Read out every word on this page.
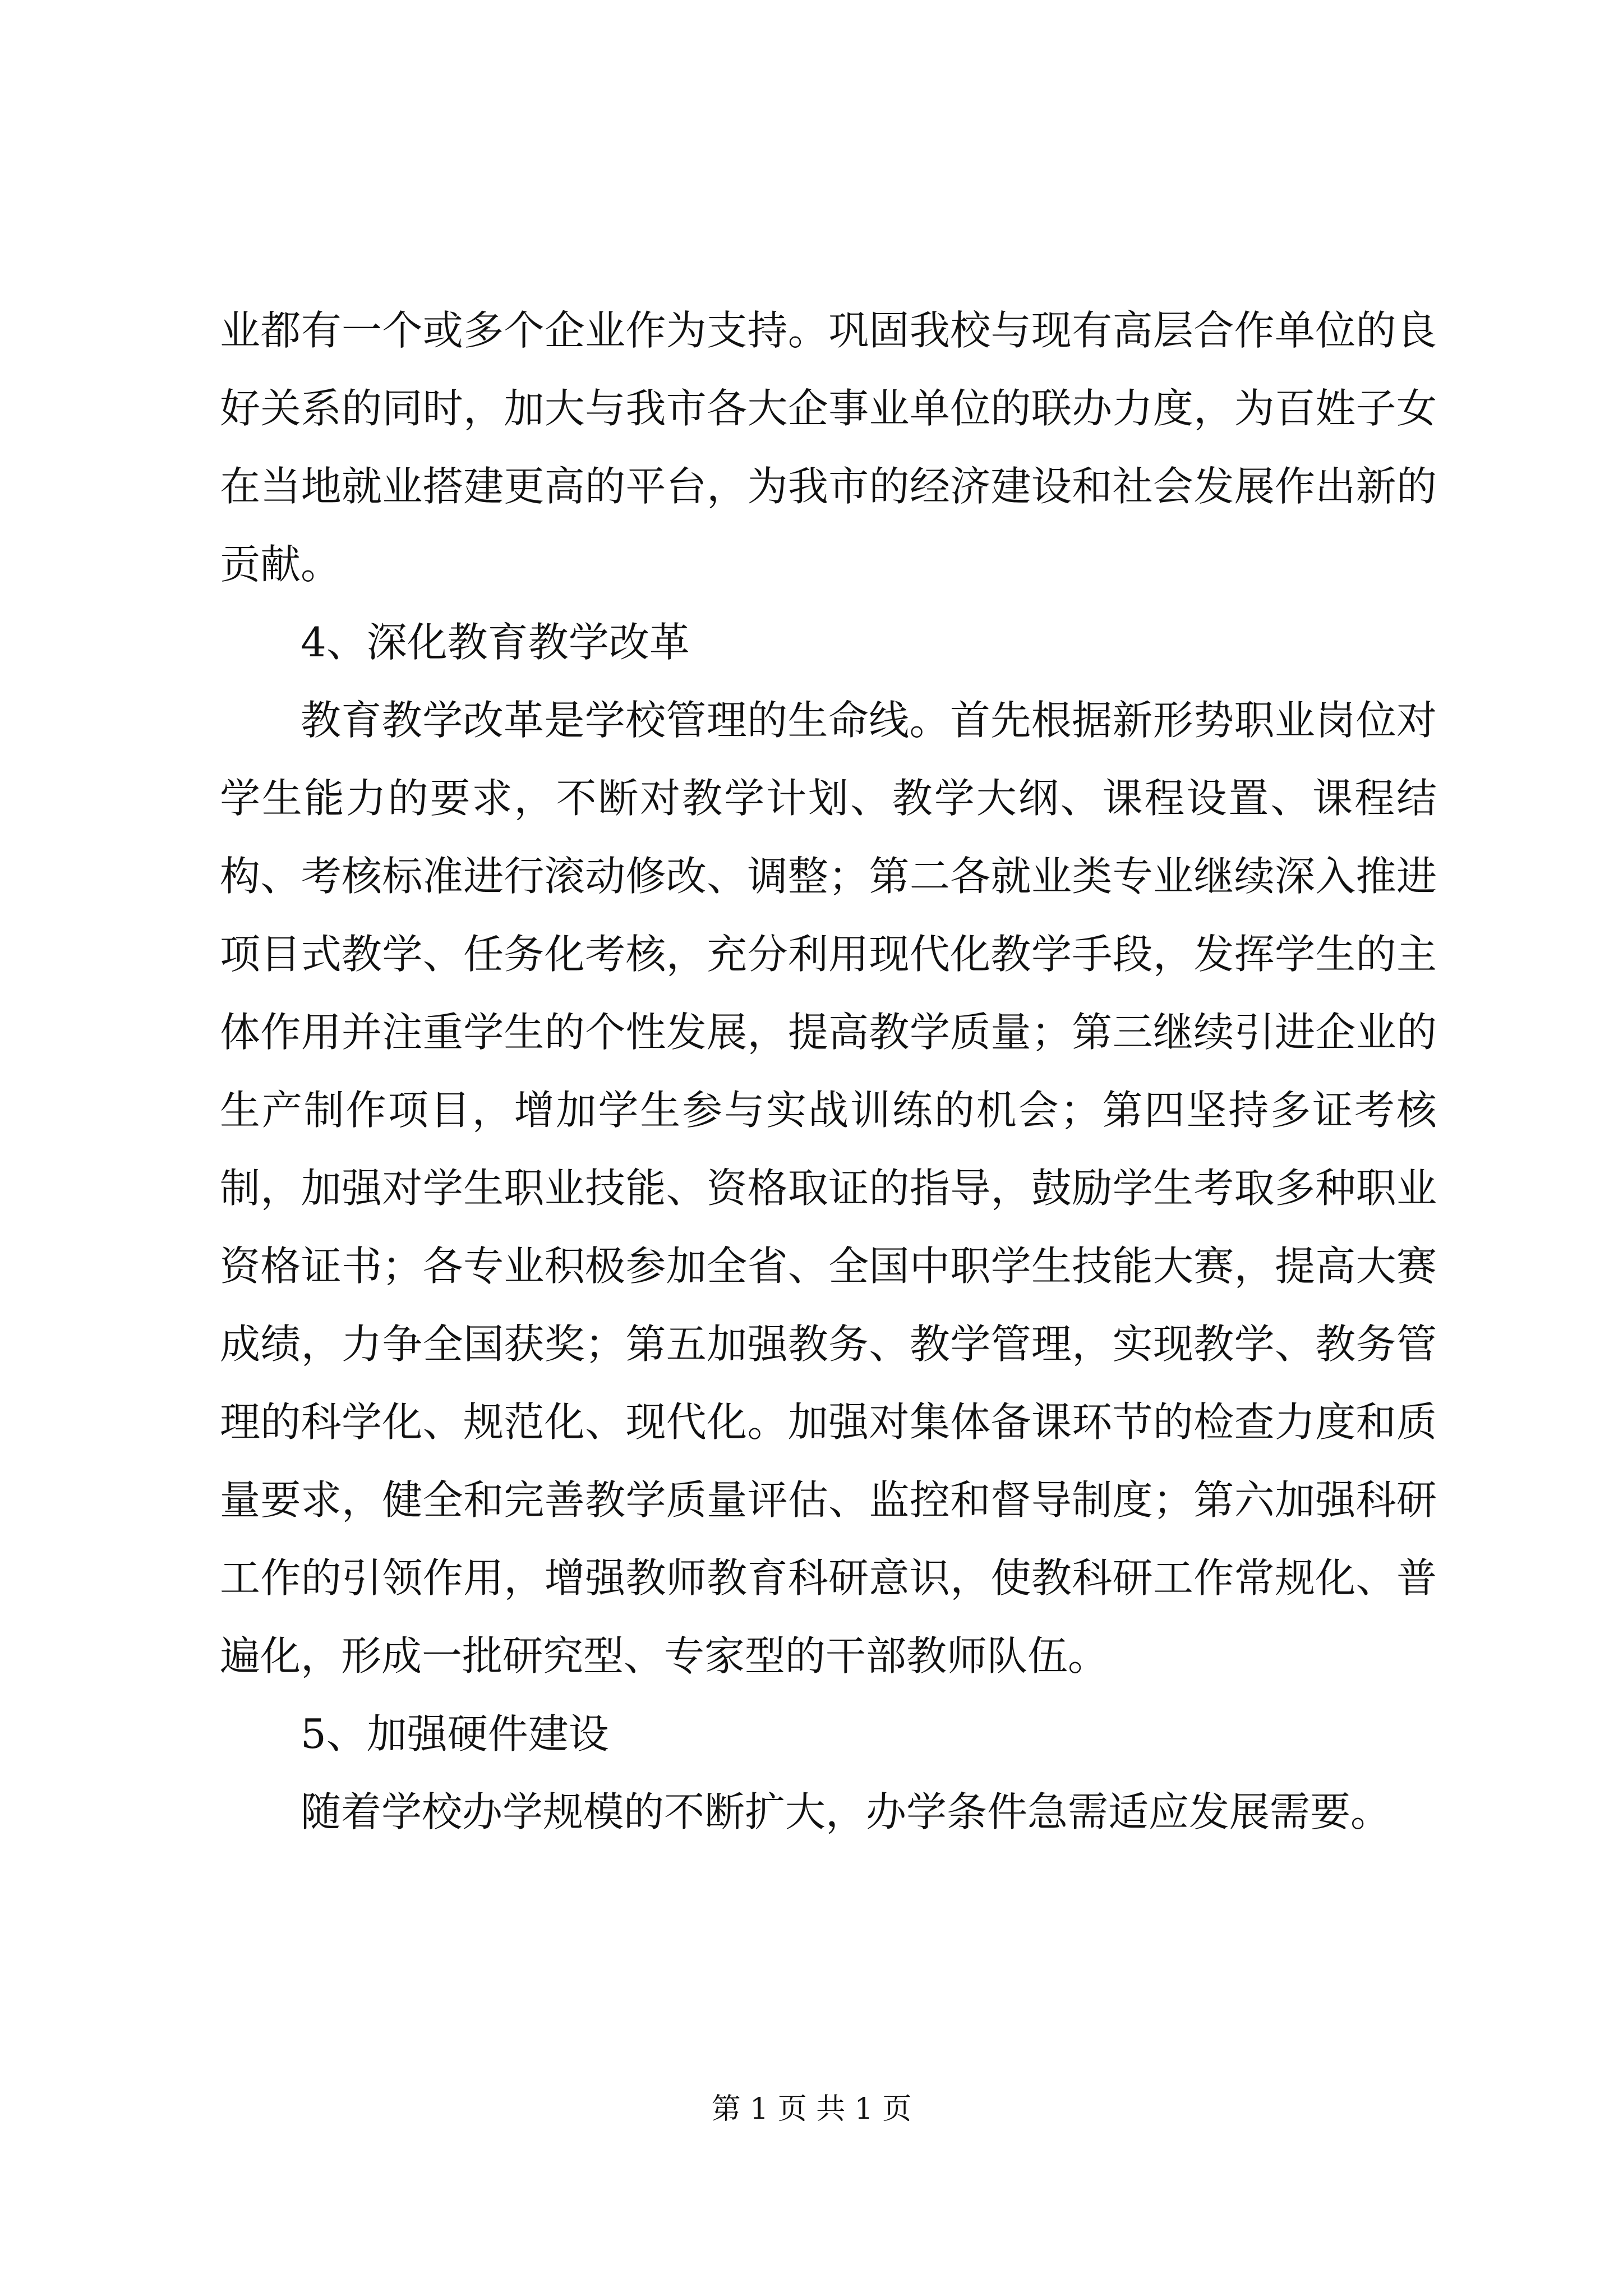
业都有一个或多个企业作为支持。巩固我校与现有高层合作单位的良好关系的同时，加大与我市各大企事业单位的联办力度，为百姓子女在当地就业搭建更高的平台，为我市的经济建设和社会发展作出新的贡献。

4、深化教育教学改革

教育教学改革是学校管理的生命线。首先根据新形势职业岗位对学生能力的要求，不断对教学计划、教学大纲、课程设置、课程结构、考核标准进行滚动修改、调整；第二各就业类专业继续深入推进项目式教学、任务化考核，充分利用现代化教学手段，发挥学生的主体作用并注重学生的个性发展，提高教学质量；第三继续引进企业的生产制作项目，增加学生参与实战训练的机会；第四坚持多证考核制，加强对学生职业技能、资格取证的指导，鼓励学生考取多种职业资格证书；各专业积极参加全省、全国中职学生技能大赛，提高大赛成绩，力争全国获奖；第五加强教务、教学管理，实现教学、教务管理的科学化、规范化、现代化。加强对集体备课环节的检查力度和质量要求，健全和完善教学质量评估、监控和督导制度；第六加强科研工作的引领作用，增强教师教育科研意识，使教科研工作常规化、普遍化，形成一批研究型、专家型的干部教师队伍。

5、加强硬件建设

随着学校办学规模的不断扩大，办学条件急需适应发展需要。

第 1 页 共 1 页
